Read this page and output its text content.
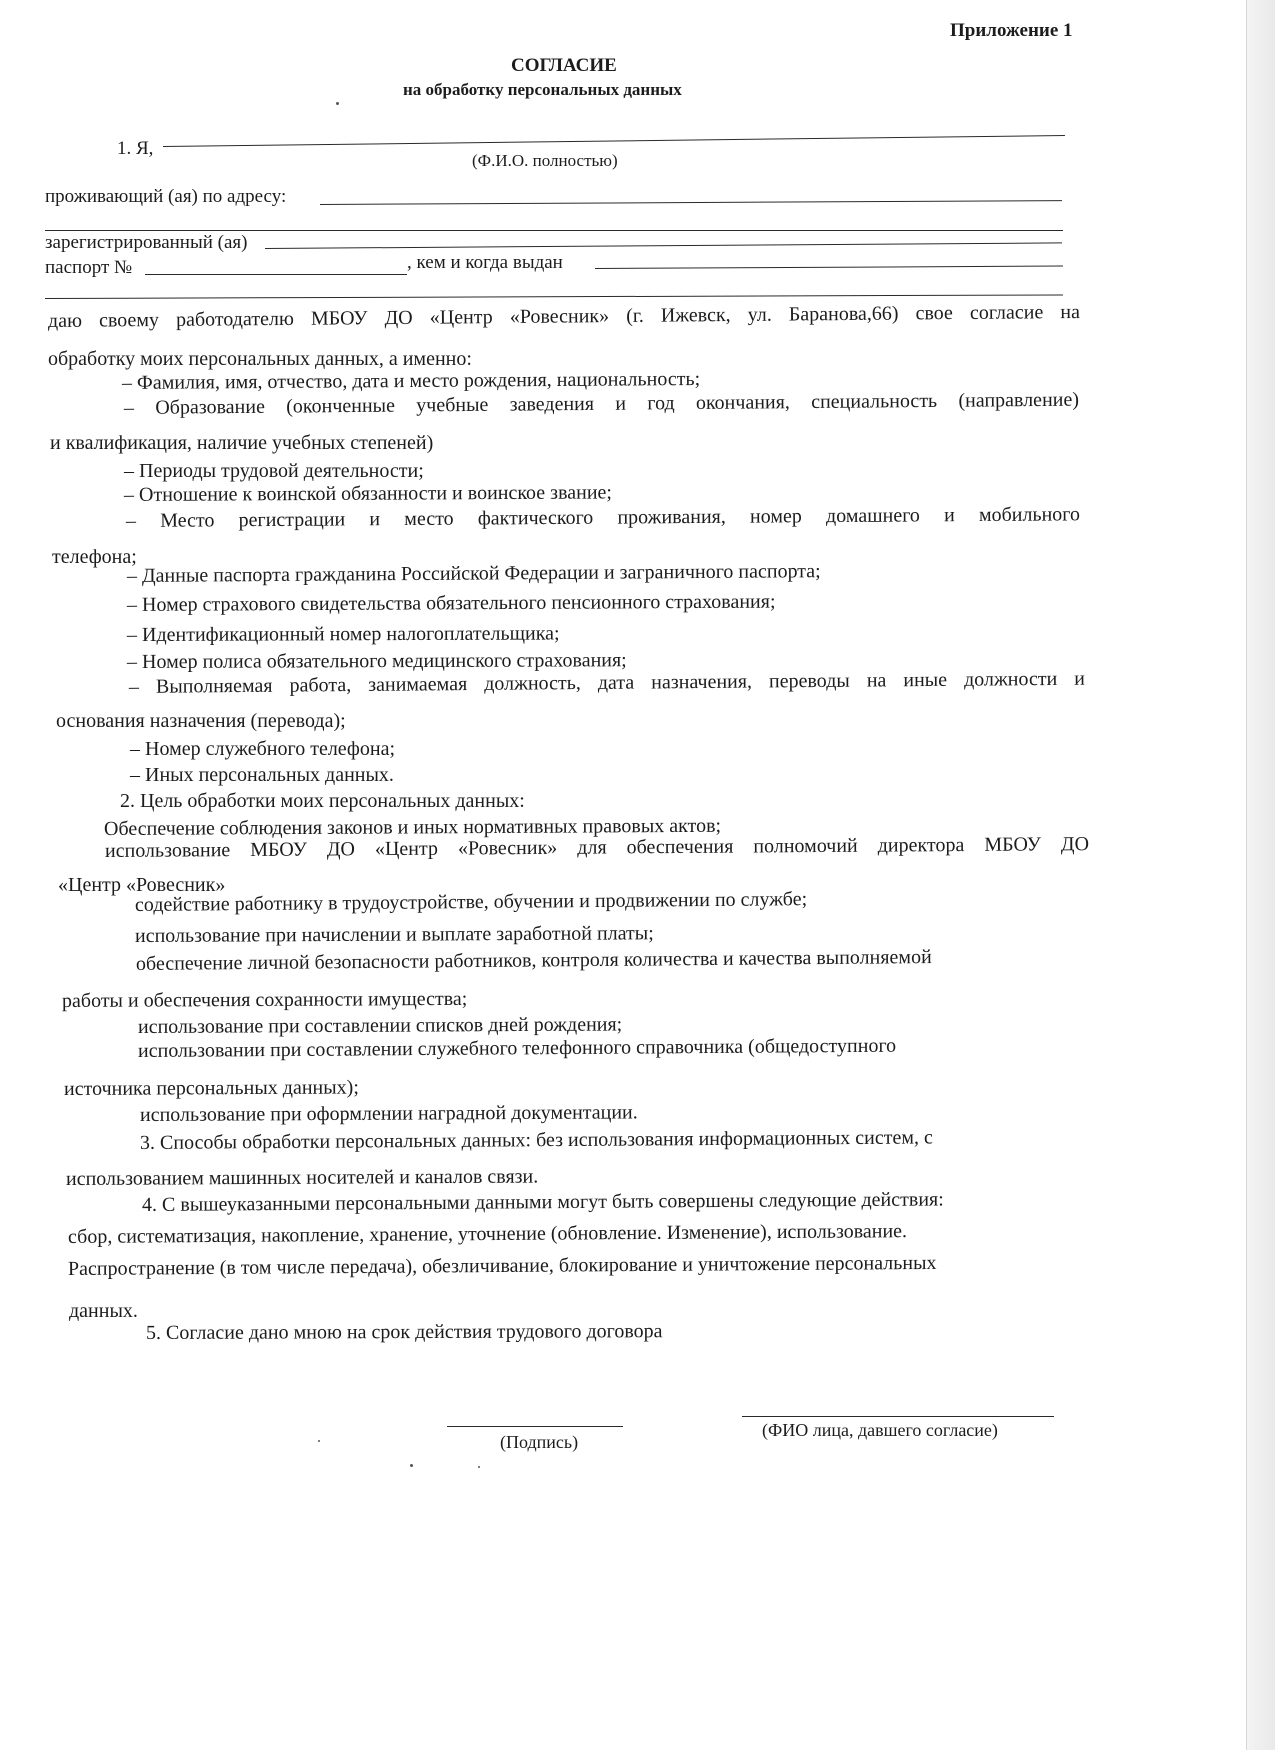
Приложение 1
СОГЛАСИЕ
на обработку персональных данных
1. Я,
(Ф.И.О. полностью)
проживающий (ая) по адресу:
зарегистрированный (ая)
паспорт №	, кем и когда выдан
даю своему работодателю МБОУ ДО «Центр «Ровесник» (г. Ижевск, ул. Баранова,66) свое согласие на
обработку моих персональных данных, а именно:
– Фамилия, имя, отчество, дата и место рождения, национальность;
– Образование (оконченные учебные заведения и год окончания, специальность (направление)
и квалификация, наличие учебных степеней)
– Периоды трудовой деятельности;
– Отношение к воинской обязанности и воинское звание;
– Место регистрации и место фактического проживания, номер домашнего и мобильного
телефона;
– Данные паспорта гражданина Российской Федерации и заграничного паспорта;
– Номер страхового свидетельства обязательного пенсионного страхования;
– Идентификационный номер налогоплательщика;
– Номер полиса обязательного медицинского страхования;
– Выполняемая работа, занимаемая должность, дата назначения, переводы на иные должности и
основания назначения (перевода);
– Номер служебного телефона;
– Иных персональных данных.
2. Цель обработки моих персональных данных:
Обеспечение соблюдения законов и иных нормативных правовых актов;
использование МБОУ ДО «Центр «Ровесник» для обеспечения полномочий директора МБОУ ДО
«Центр «Ровесник»
содействие работнику в трудоустройстве, обучении и продвижении по службе;
использование при начислении и выплате заработной платы;
обеспечение личной безопасности работников, контроля количества и качества выполняемой
работы и обеспечения сохранности имущества;
использование при составлении списков дней рождения;
использовании при составлении служебного телефонного справочника (общедоступного
источника персональных данных);
использование при оформлении наградной документации.
3. Способы обработки персональных данных: без использования информационных систем, с
использованием машинных носителей и каналов связи.
4. С вышеуказанными персональными данными могут быть совершены следующие действия:
сбор, систематизация, накопление, хранение, уточнение (обновление. Изменение), использование.
Распространение (в том числе передача), обезличивание, блокирование и уничтожение персональных
данных.
5. Согласие дано мною на срок действия трудового договора
(Подпись)
(ФИО лица, давшего согласие)
